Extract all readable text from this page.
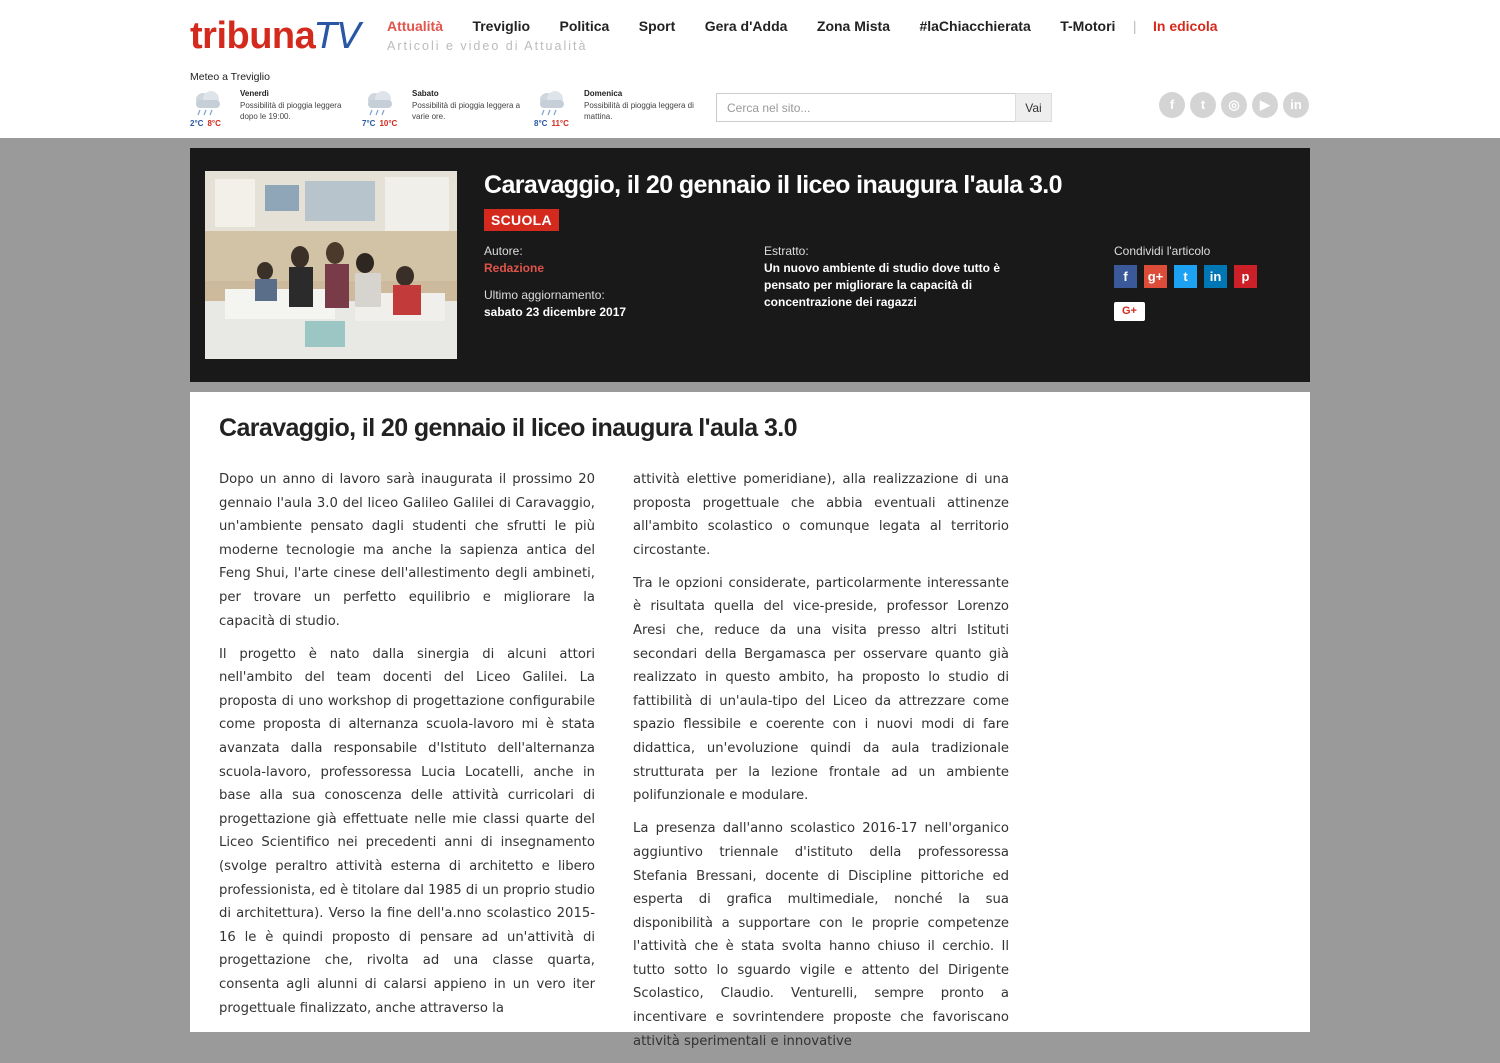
tribunaTV Attualità Treviglio Politica Sport Gera d'Adda Zona Mista #laChiacchierata T-Motori | In edicola
Articoli e video di Attualità
Meteo a Treviglio
2°C 8°C
Venerdì
Possibilità di pioggia leggera dopo le 19:00.
7°C 10°C
Sabato
Possibilità di pioggia leggera a varie ore.
8°C 11°C
Domenica
Possibilità di pioggia leggera di mattina.
Cerca nel sito...
Vai	f t ◎ ▶ in
Caravaggio, il 20 gennaio il liceo inaugura l'aula 3.0
SCUOLA
Autore:
Redazione
Ultimo aggiornamento:
sabato 23 dicembre 2017
Estratto:
Un nuovo ambiente di studio dove tutto è pensato per migliorare la capacità di concentrazione dei ragazzi
Condividi l'articolo
f g+ t in p
G+
Caravaggio, il 20 gennaio il liceo inaugura l'aula 3.0

Dopo un anno di lavoro sarà inaugurata il prossimo 20 gennaio l'aula 3.0 del liceo Galileo Galilei di Caravaggio, un'ambiente pensato dagli studenti che sfrutti le più moderne tecnologie ma anche la sapienza antica del Feng Shui, l'arte cinese dell'allestimento degli ambineti, per trovare un perfetto equilibrio e migliorare la capacità di studio.

Il progetto è nato dalla sinergia di alcuni attori nell'ambito del team docenti del Liceo Galilei. La proposta di uno workshop di progettazione configurabile come proposta di alternanza scuola-lavoro mi è stata avanzata dalla responsabile d'Istituto dell'alternanza scuola-lavoro, professoressa Lucia Locatelli, anche in base alla sua conoscenza delle attività curricolari di progettazione già effettuate nelle mie classi quarte del Liceo Scientifico nei precedenti anni di insegnamento (svolge peraltro attività esterna di architetto e libero professionista, ed è titolare dal 1985 di un proprio studio di architettura). Verso la fine dell'a.nno scolastico 2015-16 le è quindi proposto di pensare ad un'attività di progettazione che, rivolta ad una classe quarta, consenta agli alunni di calarsi appieno in un vero iter progettuale finalizzato, anche attraverso la

attività elettive pomeridiane), alla realizzazione di una proposta progettuale che abbia eventuali attinenze all'ambito scolastico o comunque legata al territorio circostante.

Tra le opzioni considerate, particolarmente interessante è risultata quella del vice-preside, professor Lorenzo Aresi che, reduce da una visita presso altri Istituti secondari della Bergamasca per osservare quanto già realizzato in questo ambito, ha proposto lo studio di fattibilità di un'aula-tipo del Liceo da attrezzare come spazio flessibile e coerente con i nuovi modi di fare didattica, un'evoluzione quindi da aula tradizionale strutturata per la lezione frontale ad un ambiente polifunzionale e modulare.

La presenza dall'anno scolastico 2016-17 nell'organico aggiuntivo triennale d'istituto della professoressa Stefania Bressani, docente di Discipline pittoriche ed esperta di grafica multimediale, nonché la sua disponibilità a supportare con le proprie competenze l'attività che è stata svolta hanno chiuso il cerchio. Il tutto sotto lo sguardo vigile e attento del Dirigente Scolastico, Claudio. Venturelli, sempre pronto a incentivare e sovrintendere proposte che favoriscano attività sperimentali e innovative
